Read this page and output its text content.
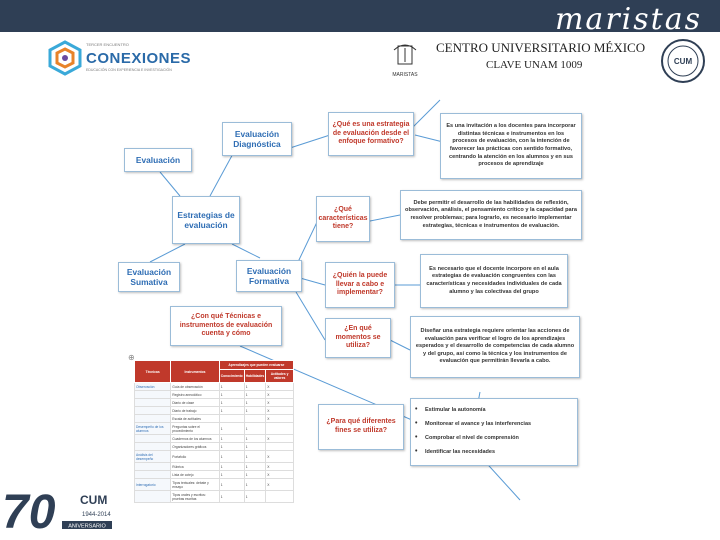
maristas
TERCER ENCUENTRO
CONEXIONES
EDUCACIÓN CON EXPERIENCIA E INVESTIGACIÓN
MARISTAS
CENTRO UNIVERSITARIO MÉXICO
CLAVE UNAM 1009	CUM
Evaluación
Evaluación Diagnóstica
Estrategias de evaluación
Evaluación Sumativa
Evaluación Formativa
¿Con qué Técnicas e instrumentos de evaluación cuenta y cómo
¿Qué es una estrategia de evaluación desde el enfoque formativo?
¿Qué características tiene?
¿Quién la puede llevar a cabo e implementar?
¿En qué momentos se utiliza?
Es una invitación a los docentes para incorporar distintas técnicas e instrumentos en los procesos de evaluación, con la intención de favorecer las prácticas con sentido formativo, centrando la atención en los alumnos y en sus procesos de aprendizaje
Debe permitir el desarrollo de las habilidades de reflexión, observación, análisis, el pensamiento crítico y la capacidad para resolver problemas; para lograrlo, es necesario implementar estrategias, técnicas e instrumentos de evaluación.
Es necesario que el docente incorpore en el aula estrategias de evaluación congruentes con las características y necesidades individuales de cada alumno y las colectivas del grupo
Diseñar una estrategia requiere orientar las acciones de evaluación para verificar el logro de los aprendizajes esperados y el desarrollo de competencias de cada alumno y del grupo, así como la técnica y los instrumentos de evaluación que permitirán llevarla a cabo.
¿Para qué diferentes fines se utiliza?
• Estimular la autonomía
• Monitorear el avance y las interferencias
• Comprobar el nivel de comprensión
• Identificar las necesidades
⊕
Técnicas	Instrumentos	Aprendizajes que pueden evaluarse		
		Conocimiento	Habilidades	Actitudes y valores
Observación	Guía de observación	1	1	X
	Registro anecdótico	1	1	X
	Diario de clase	1	1	X
	Diario de trabajo	1	1	X
	Escala de actitudes			X
Desempeño de los alumnos	Preguntas sobre el procedimiento	1	1	
	Cuadernos de los alumnos	1	1	X
	Organizadores gráficos	1	1	
Análisis del desempeño	Portafolio	1	1	X
	Rúbrica	1	1	X
	Lista de cotejo	1	1	X
Interrogatorio	Tipos textuales: debate y ensayo	1	1	X
	Tipos orales y escritos: pruebas escritas	1	1	
70 CUM
1944-2014
ANIVERSARIO
